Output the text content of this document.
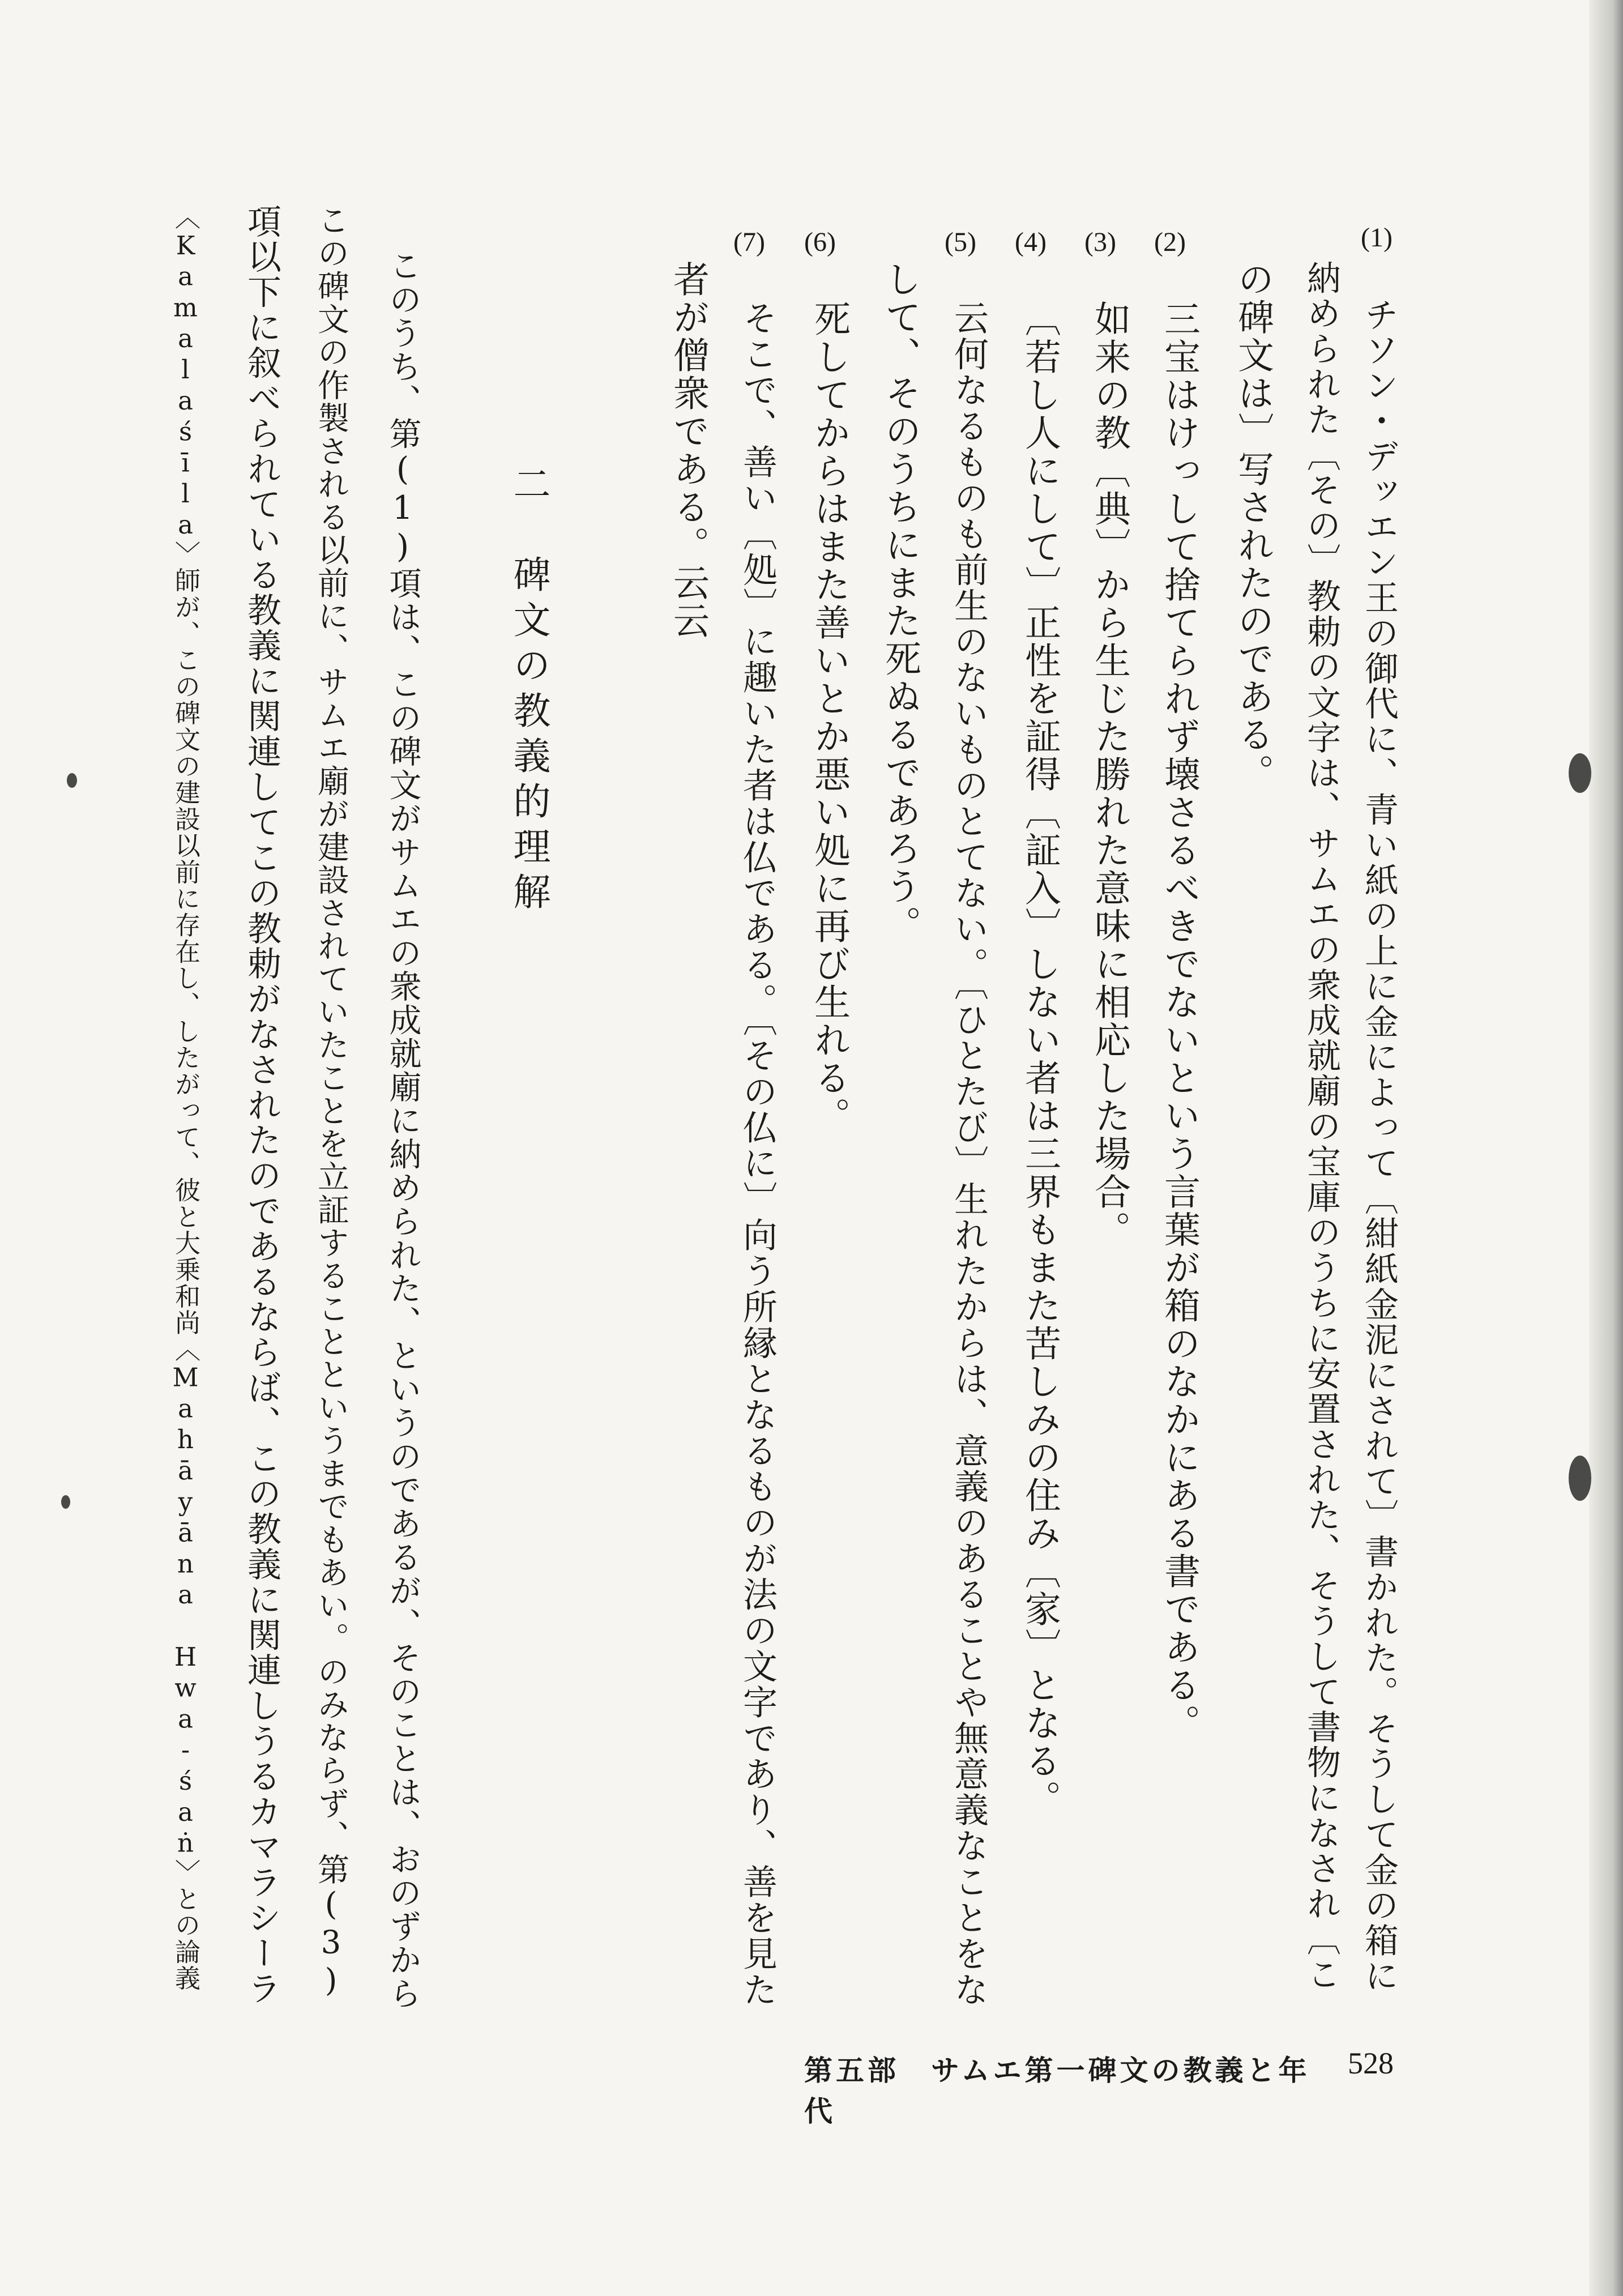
528
第五部　サムエ第一碑文の教義と年代
(1)
チソン・デッエン王の御代に、青い紙の上に金によって〔紺紙金泥にされて〕書かれた。そうして金の箱に
納められた〔その〕教勅の文字は、サムエの衆成就廟の宝庫のうちに安置された、そうして書物になされ〔こ
の碑文は〕写されたのである。
(2)
三宝はけっして捨てられず壊さるべきでないという言葉が箱のなかにある書である。
(3)
如来の教〔典〕から生じた勝れた意味に相応した場合。
(4)
〔若し人にして〕正性を証得〔証入〕しない者は三界もまた苦しみの住み〔家〕となる。
(5)
云何なるものも前生のないものとてない。〔ひとたび〕生れたからは、意義のあることや無意義なことをな
して、そのうちにまた死ぬるであろう。
(6)
死してからはまた善いとか悪い処に再び生れる。
(7)
そこで、善い〔処〕に趣いた者は仏である。〔その仏に〕向う所縁となるものが法の文字であり、善を見た
者が僧衆である。云云
二
碑文の教義的理解
このうち、第(1)項は、この碑文がサムエの衆成就廟に納められた、というのであるが、そのことは、おのずから
この碑文の作製される以前に、サムエ廟が建設されていたことを立証することというまでもあい。のみならず、第(3)
項以下に叙べられている教義に関連してこの教勅がなされたのであるならば、この教義に関連しうるカマラシーラ
〈Kamalaśīla〉師が、この碑文の建設以前に存在し、したがって、彼と大乗和尚〈Mahāyāna Hwa-śaṅ〉との論義
